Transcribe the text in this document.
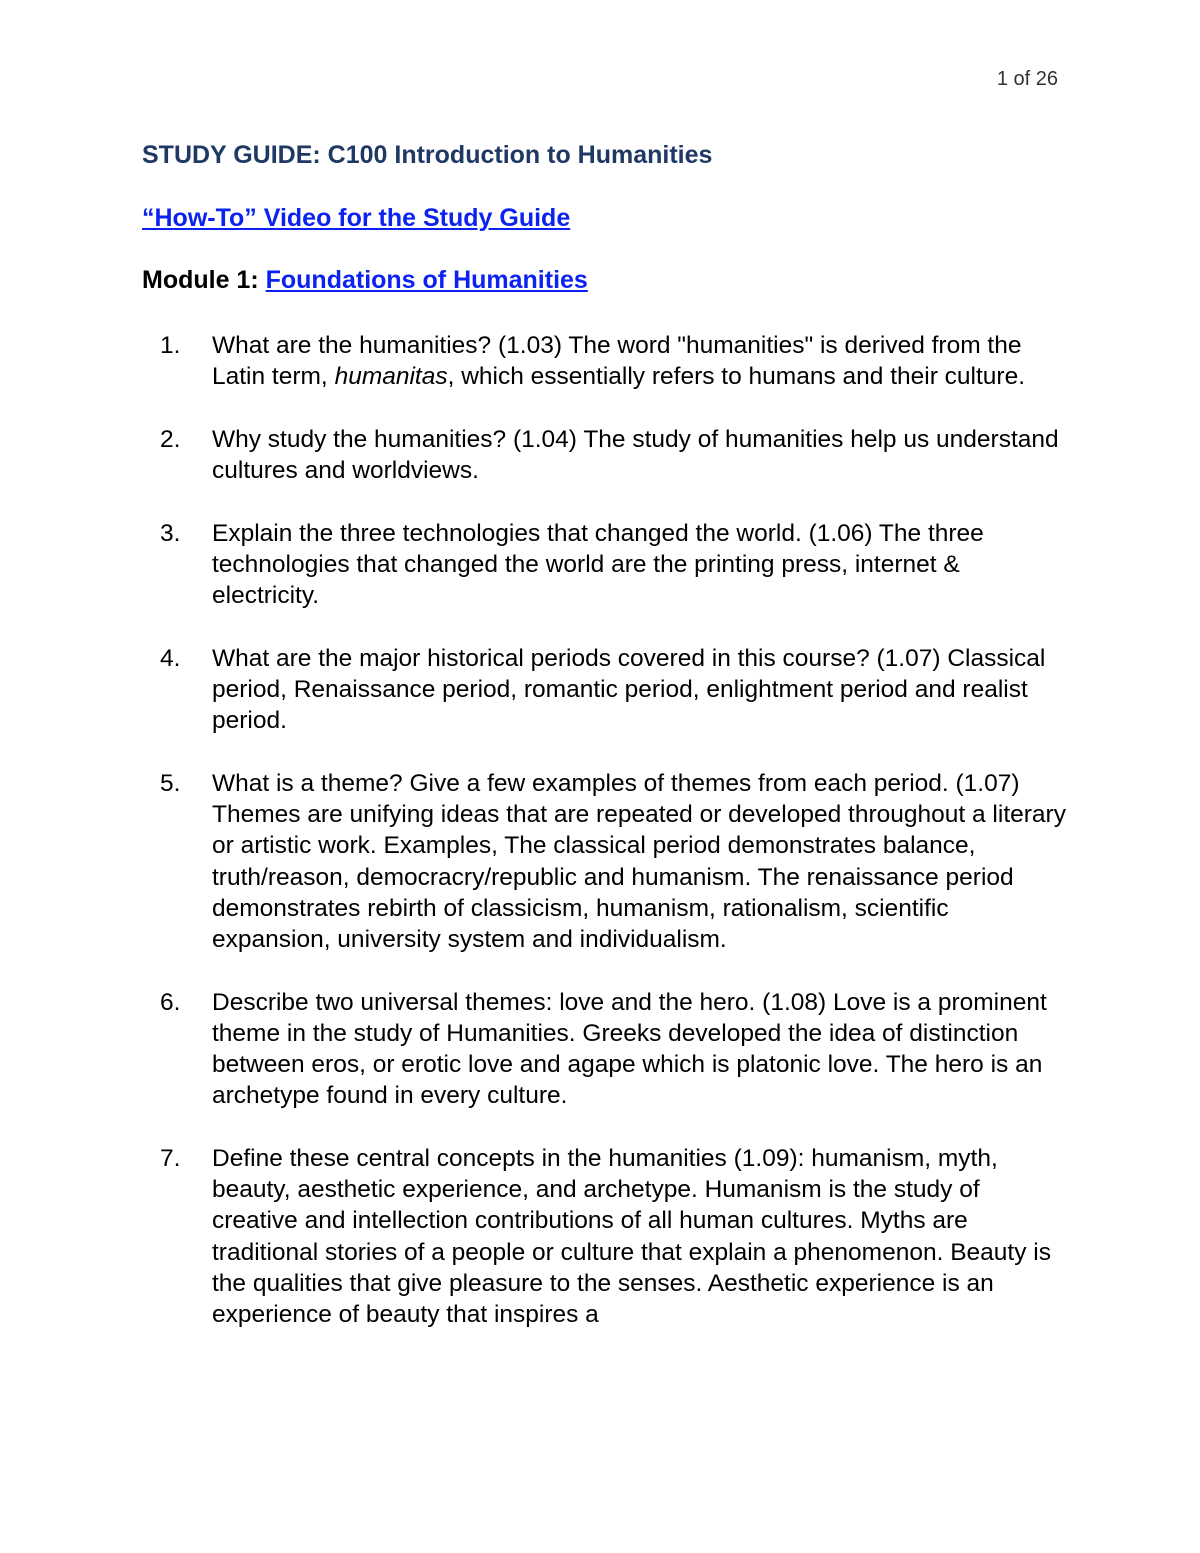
1 of 26
STUDY GUIDE: C100 Introduction to Humanities
“How-To” Video for the Study Guide
Module 1: Foundations of Humanities
1. What are the humanities? (1.03) The word "humanities" is derived from the Latin term, humanitas, which essentially refers to humans and their culture.
2. Why study the humanities? (1.04) The study of humanities help us understand cultures and worldviews.
3. Explain the three technologies that changed the world. (1.06) The three technologies that changed the world are the printing press, internet & electricity.
4. What are the major historical periods covered in this course? (1.07) Classical period, Renaissance period, romantic period, enlightment period and realist period.
5. What is a theme? Give a few examples of themes from each period. (1.07) Themes are unifying ideas that are repeated or developed throughout a literary or artistic work. Examples, The classical period demonstrates balance, truth/reason, democracry/republic and humanism. The renaissance period demonstrates rebirth of classicism, humanism, rationalism, scientific expansion, university system and individualism.
6. Describe two universal themes: love and the hero. (1.08) Love is a prominent theme in the study of Humanities. Greeks developed the idea of distinction between eros, or erotic love and agape which is platonic love. The hero is an archetype found in every culture.
7. Define these central concepts in the humanities (1.09): humanism, myth, beauty, aesthetic experience, and archetype. Humanism is the study of creative and intellection contributions of all human cultures. Myths are traditional stories of a people or culture that explain a phenomenon. Beauty is the qualities that give pleasure to the senses. Aesthetic experience is an experience of beauty that inspires a
